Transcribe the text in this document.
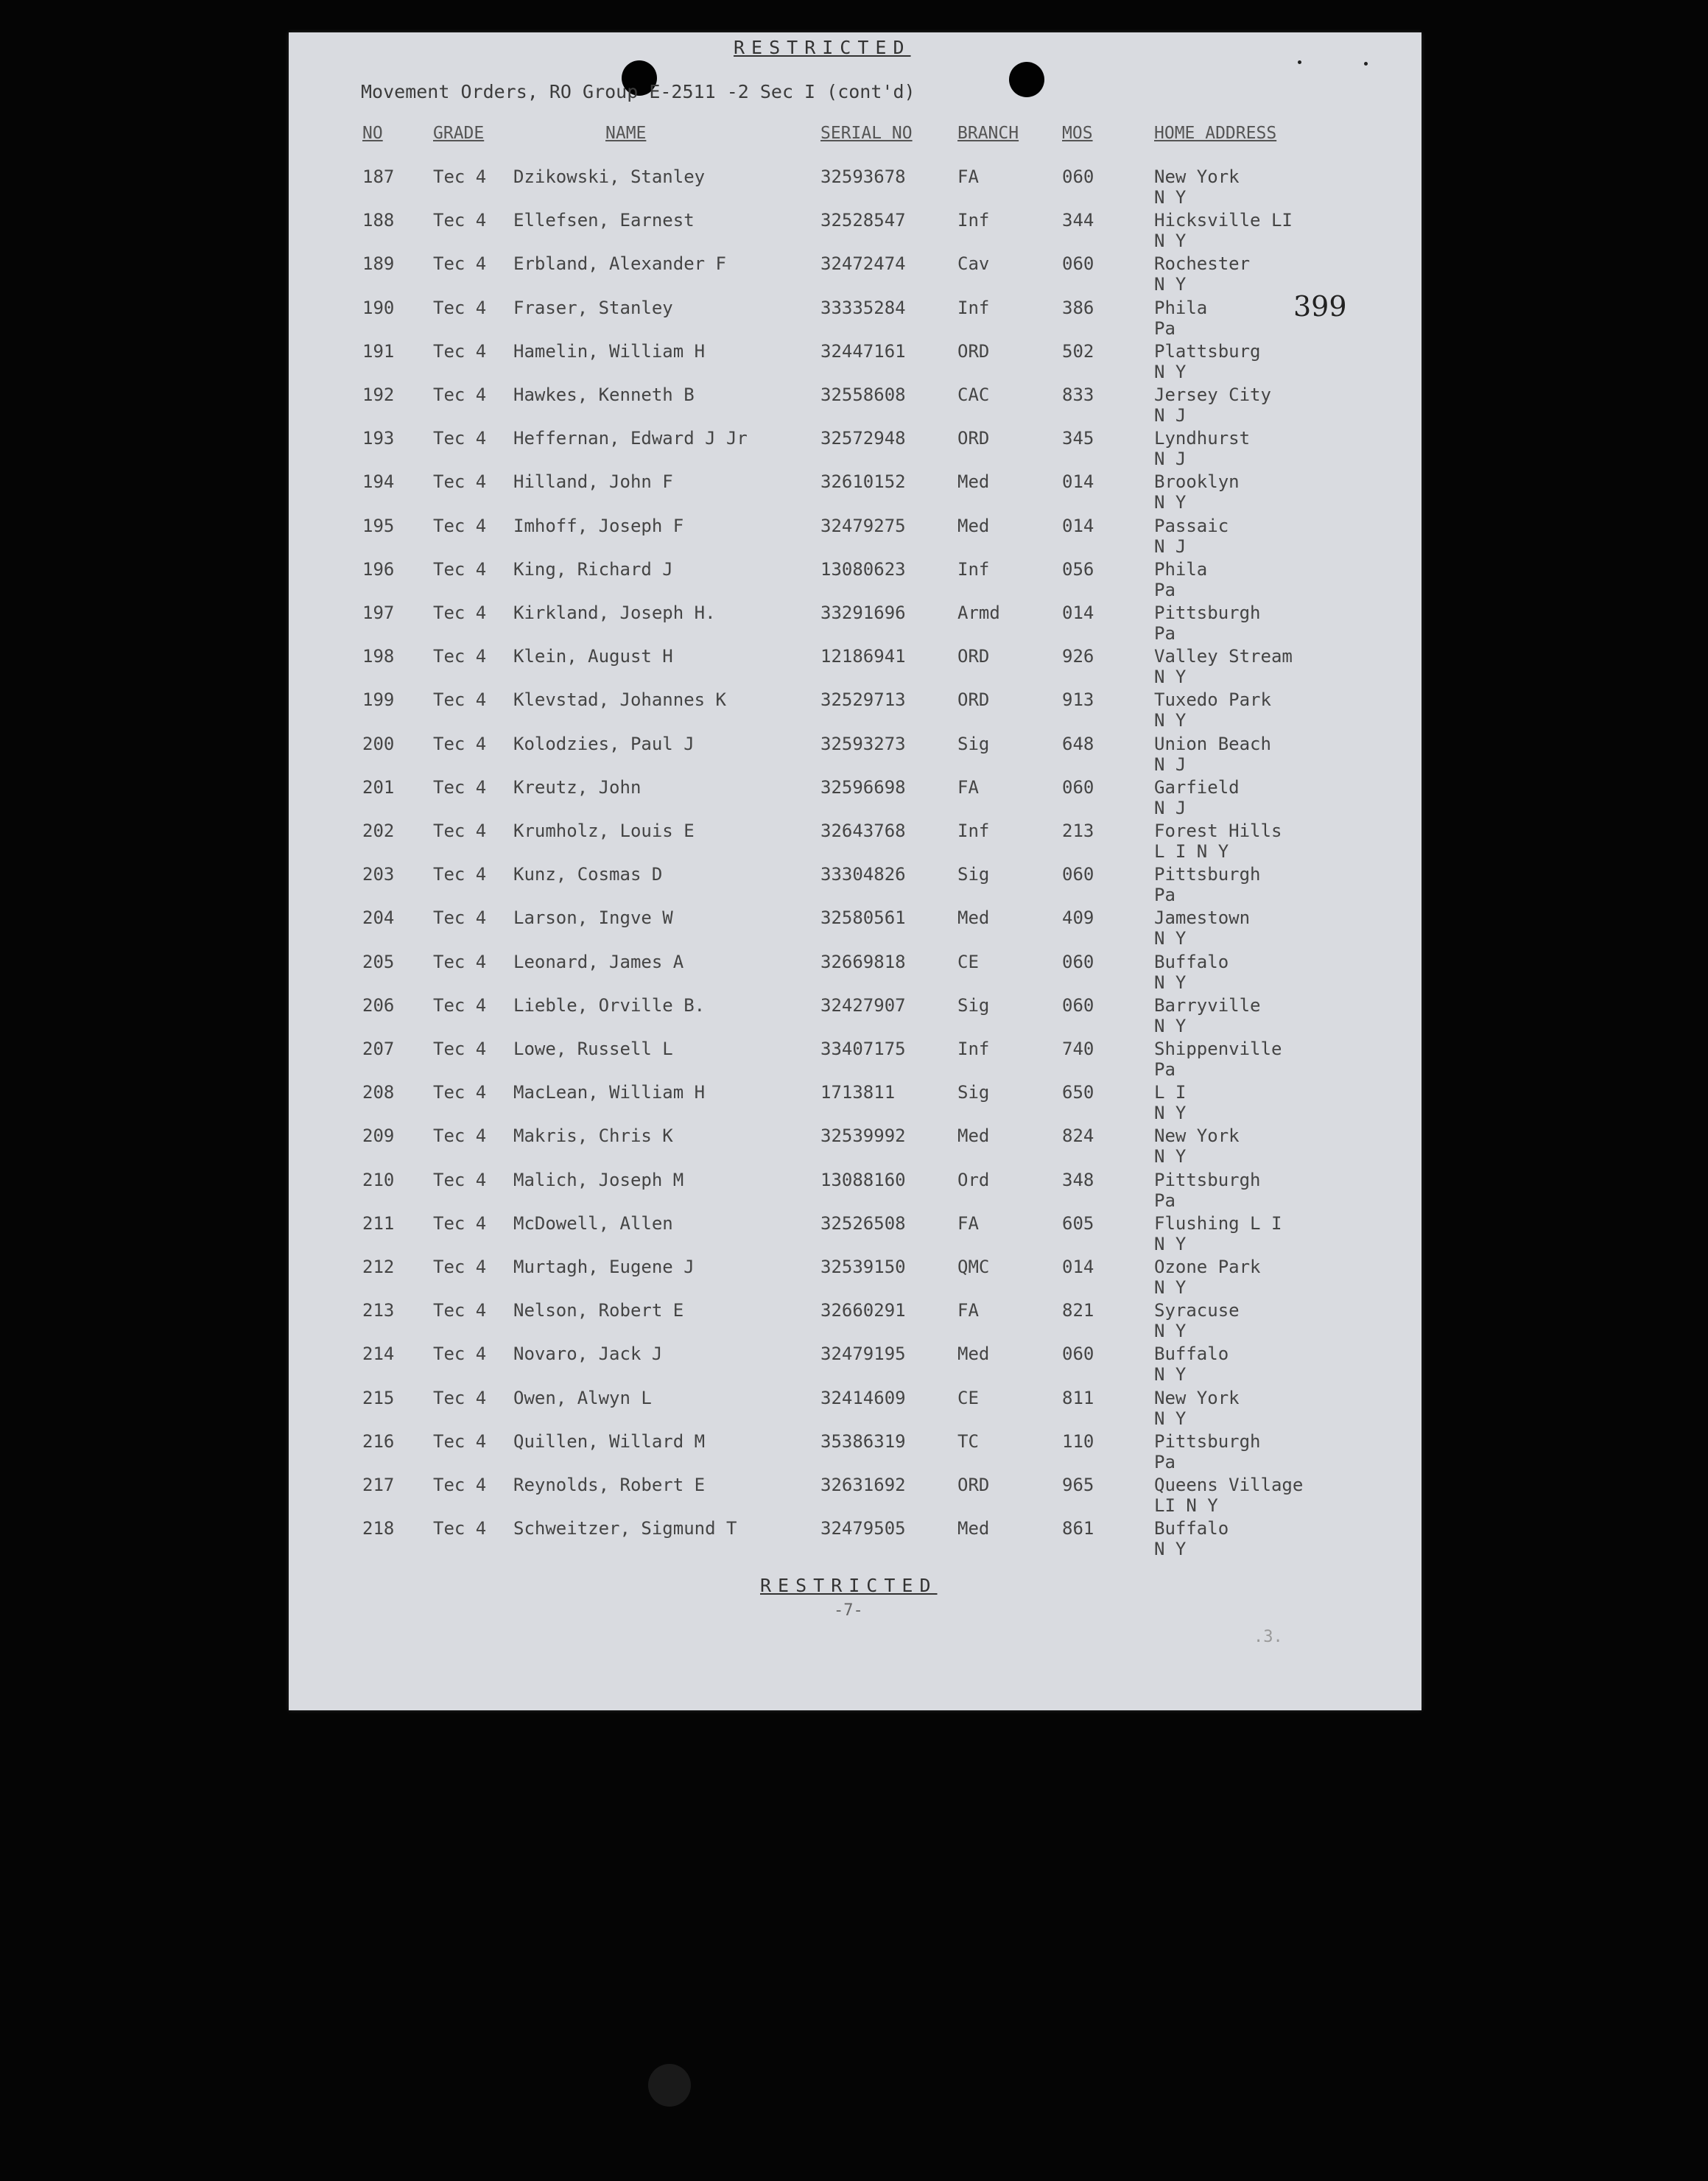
RESTRICTED
Movement Orders, RO Group E-2511 -2 Sec I (cont'd)
399
NO	GRADE	NAME	SERIAL NO	BRANCH	MOS	HOME ADDRESS
187 Tec 4 Dzikowski, Stanley	32593678	FA	060	New York
N Y
188 Tec 4 Ellefsen, Earnest	32528547	Inf	344	Hicksville LI
N Y
189 Tec 4 Erbland, Alexander F	32472474	Cav	060	Rochester
N Y
190 Tec 4 Fraser, Stanley	33335284	Inf	386	Phila
Pa
191 Tec 4 Hamelin, William H	32447161	ORD	502	Plattsburg
N Y
192 Tec 4 Hawkes, Kenneth B	32558608	CAC	833	Jersey City
N J
193 Tec 4 Heffernan, Edward J Jr	32572948	ORD	345	Lyndhurst
N J
194 Tec 4 Hilland, John F	32610152	Med	014	Brooklyn
N Y
195 Tec 4 Imhoff, Joseph F	32479275	Med	014	Passaic
N J
196 Tec 4 King, Richard J	13080623	Inf	056	Phila
Pa
197 Tec 4 Kirkland, Joseph H.	33291696	Armd	014	Pittsburgh
Pa
198 Tec 4 Klein, August H	12186941	ORD	926	Valley Stream
N Y
199 Tec 4 Klevstad, Johannes K	32529713	ORD	913	Tuxedo Park
N Y
200 Tec 4 Kolodzies, Paul J	32593273	Sig	648	Union Beach
N J
201 Tec 4 Kreutz, John	32596698	FA	060	Garfield
N J
202 Tec 4 Krumholz, Louis E	32643768	Inf	213	Forest Hills
L I N Y
203 Tec 4 Kunz, Cosmas D	33304826	Sig	060	Pittsburgh
Pa
204 Tec 4 Larson, Ingve W	32580561	Med	409	Jamestown
N Y
205 Tec 4 Leonard, James A	32669818	CE	060	Buffalo
N Y
206 Tec 4 Lieble, Orville B.	32427907	Sig	060	Barryville
N Y
207 Tec 4 Lowe, Russell L	33407175	Inf	740	Shippenville
Pa
208 Tec 4 MacLean, William H	1713811	Sig	650	L I
N Y
209 Tec 4 Makris, Chris K	32539992	Med	824	New York
N Y
210 Tec 4 Malich, Joseph M	13088160	Ord	348	Pittsburgh
Pa
211 Tec 4 McDowell, Allen	32526508	FA	605	Flushing L I
N Y
212 Tec 4 Murtagh, Eugene J	32539150	QMC	014	Ozone Park
N Y
213 Tec 4 Nelson, Robert E	32660291	FA	821	Syracuse
N Y
214 Tec 4 Novaro, Jack J	32479195	Med	060	Buffalo
N Y
215 Tec 4 Owen, Alwyn L	32414609	CE	811	New York
N Y
216 Tec 4 Quillen, Willard M	35386319	TC	110	Pittsburgh
Pa
217 Tec 4 Reynolds, Robert E	32631692	ORD	965	Queens Village
LI N Y
218 Tec 4 Schweitzer, Sigmund T	32479505	Med	861	Buffalo
N Y
RESTRICTED
-7-
.3.
